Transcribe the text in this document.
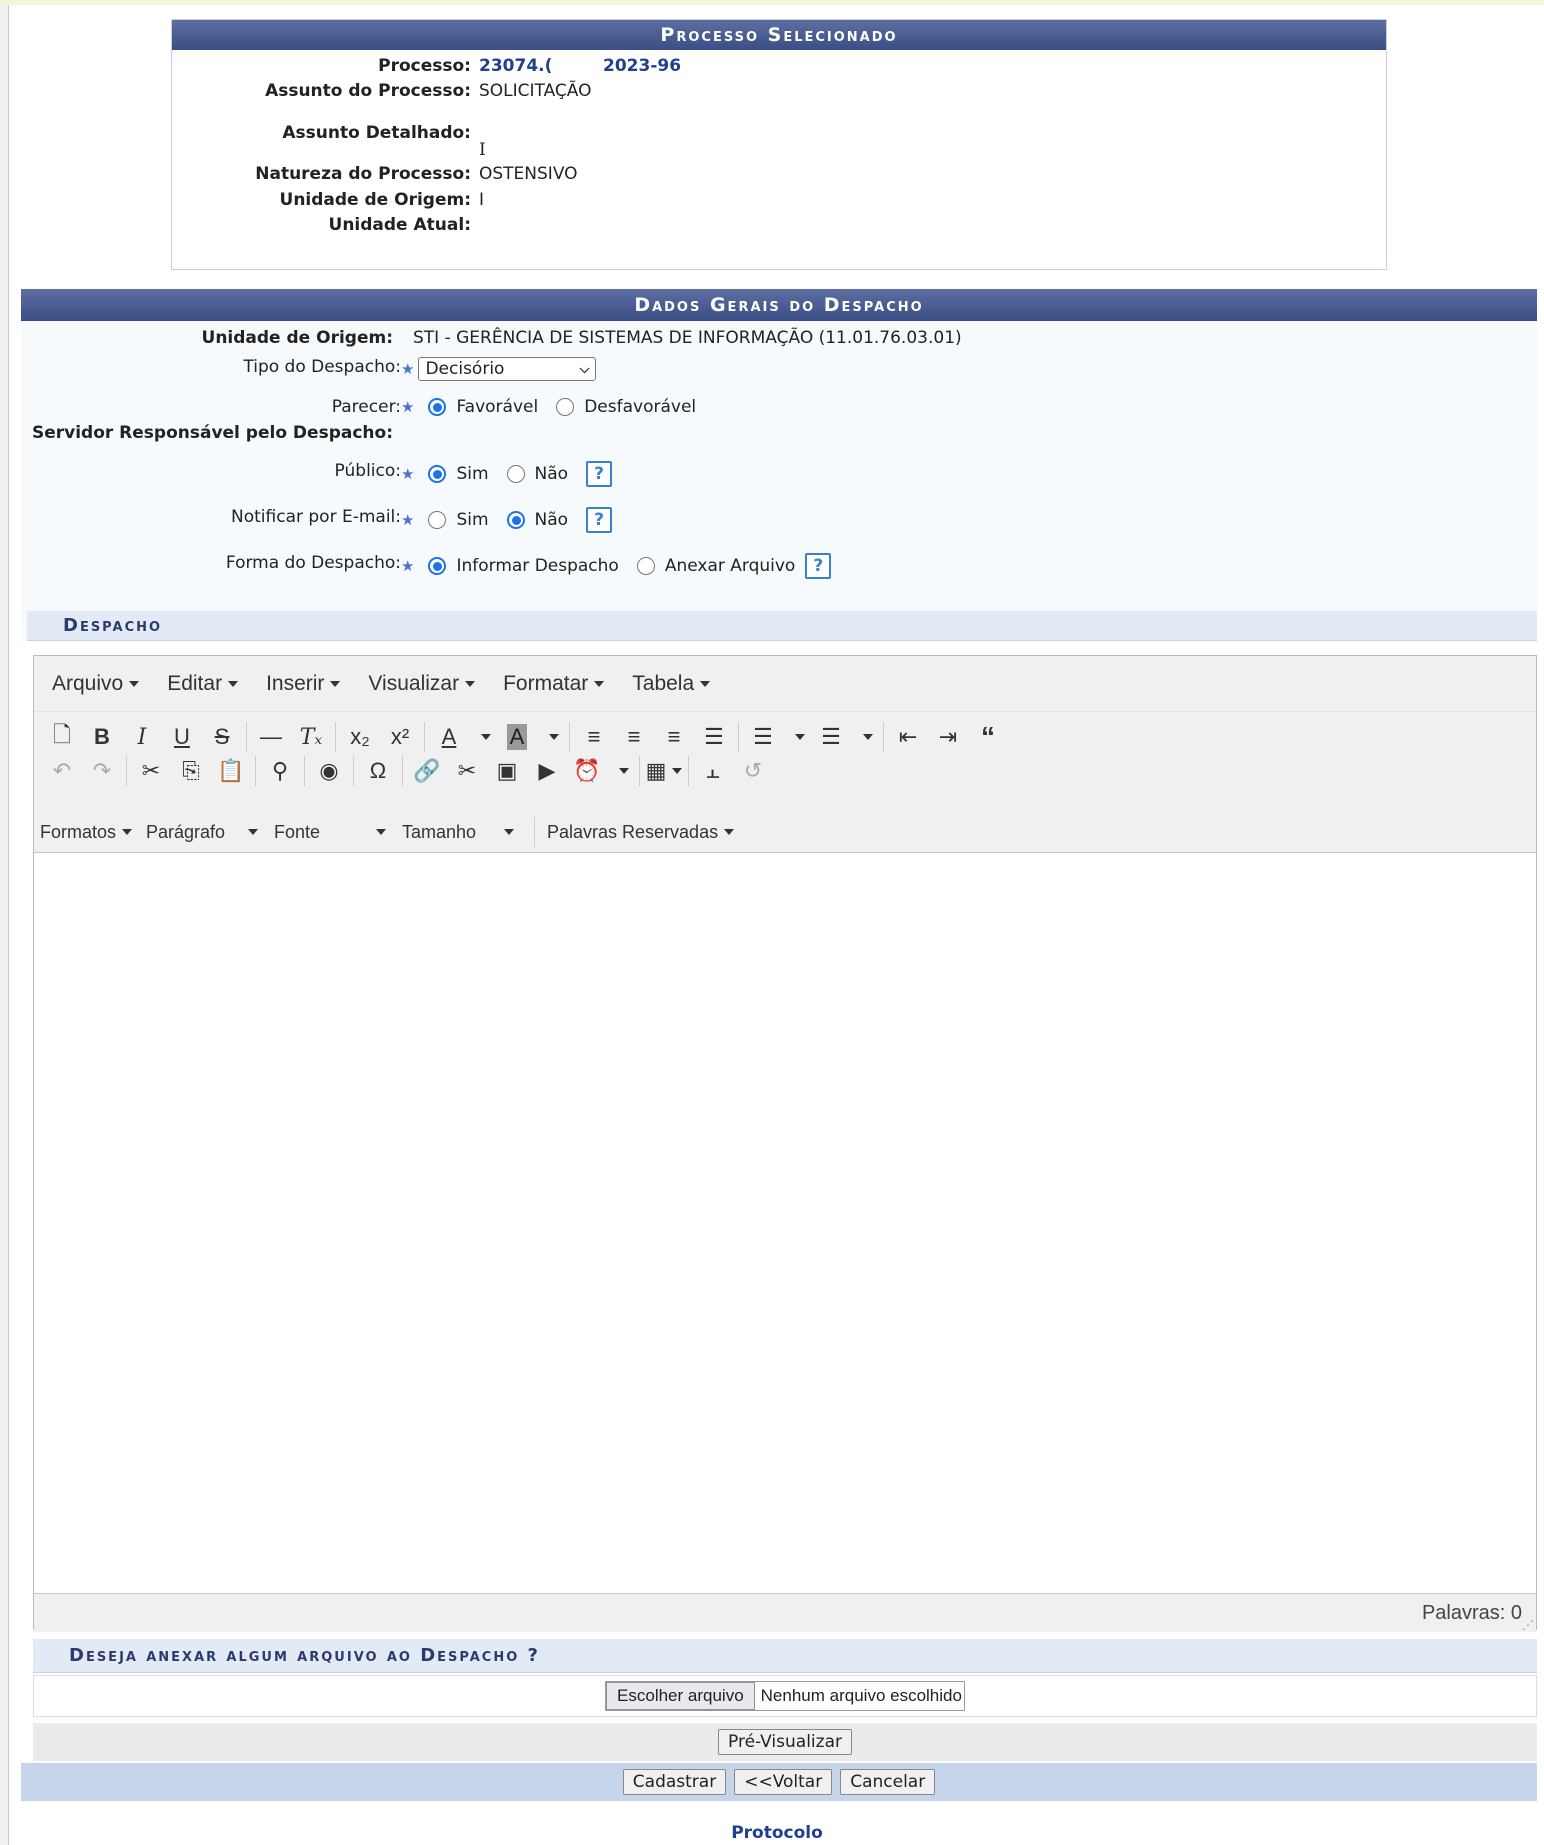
Processo Selecionado
Processo: 23074.(	2023-96
Assunto do Processo: SOLICITAÇÃO
Assunto Detalhado:
I
Natureza do Processo: OSTENSIVO
Unidade de Origem: I
Unidade Atual:
Dados Gerais do Despacho
Unidade de Origem: STI - GERÊNCIA DE SISTEMAS DE INFORMAÇÃO (11.01.76.03.01)
Tipo do Despacho: ★ Decisório	⌵
Parecer: ★ Favorável	Desfavorável
Servidor Responsável pelo Despacho:
Público: ★ Sim	Não	?
Notificar por E-mail: ★ Sim	Não	?
Forma do Despacho: ★ Informar Despacho	Anexar Arquivo	?
Despacho
Arquivo Editar Inserir Visualizar Formatar Tabela
🗋	B	I	U	S	— Tₓ	x₂ x²	A	A	≡	≡	≡	☰	☰	☰	⇤ ⇥ “
↶ ↷	✂ ⎘ 📋	⚲	◉	Ω	🔗 ✂ ▣ ▶ ⏰ ▦	⫠	↺
Formatos Parágrafo	Fonte	Tamanho	Palavras Reservadas
Palavras: 0
⋰
Deseja anexar algum arquivo ao Despacho ?
Escolher arquivo	Nenhum arquivo escolhido
Pré-Visualizar
Cadastrar	<<Voltar	Cancelar
Protocolo
